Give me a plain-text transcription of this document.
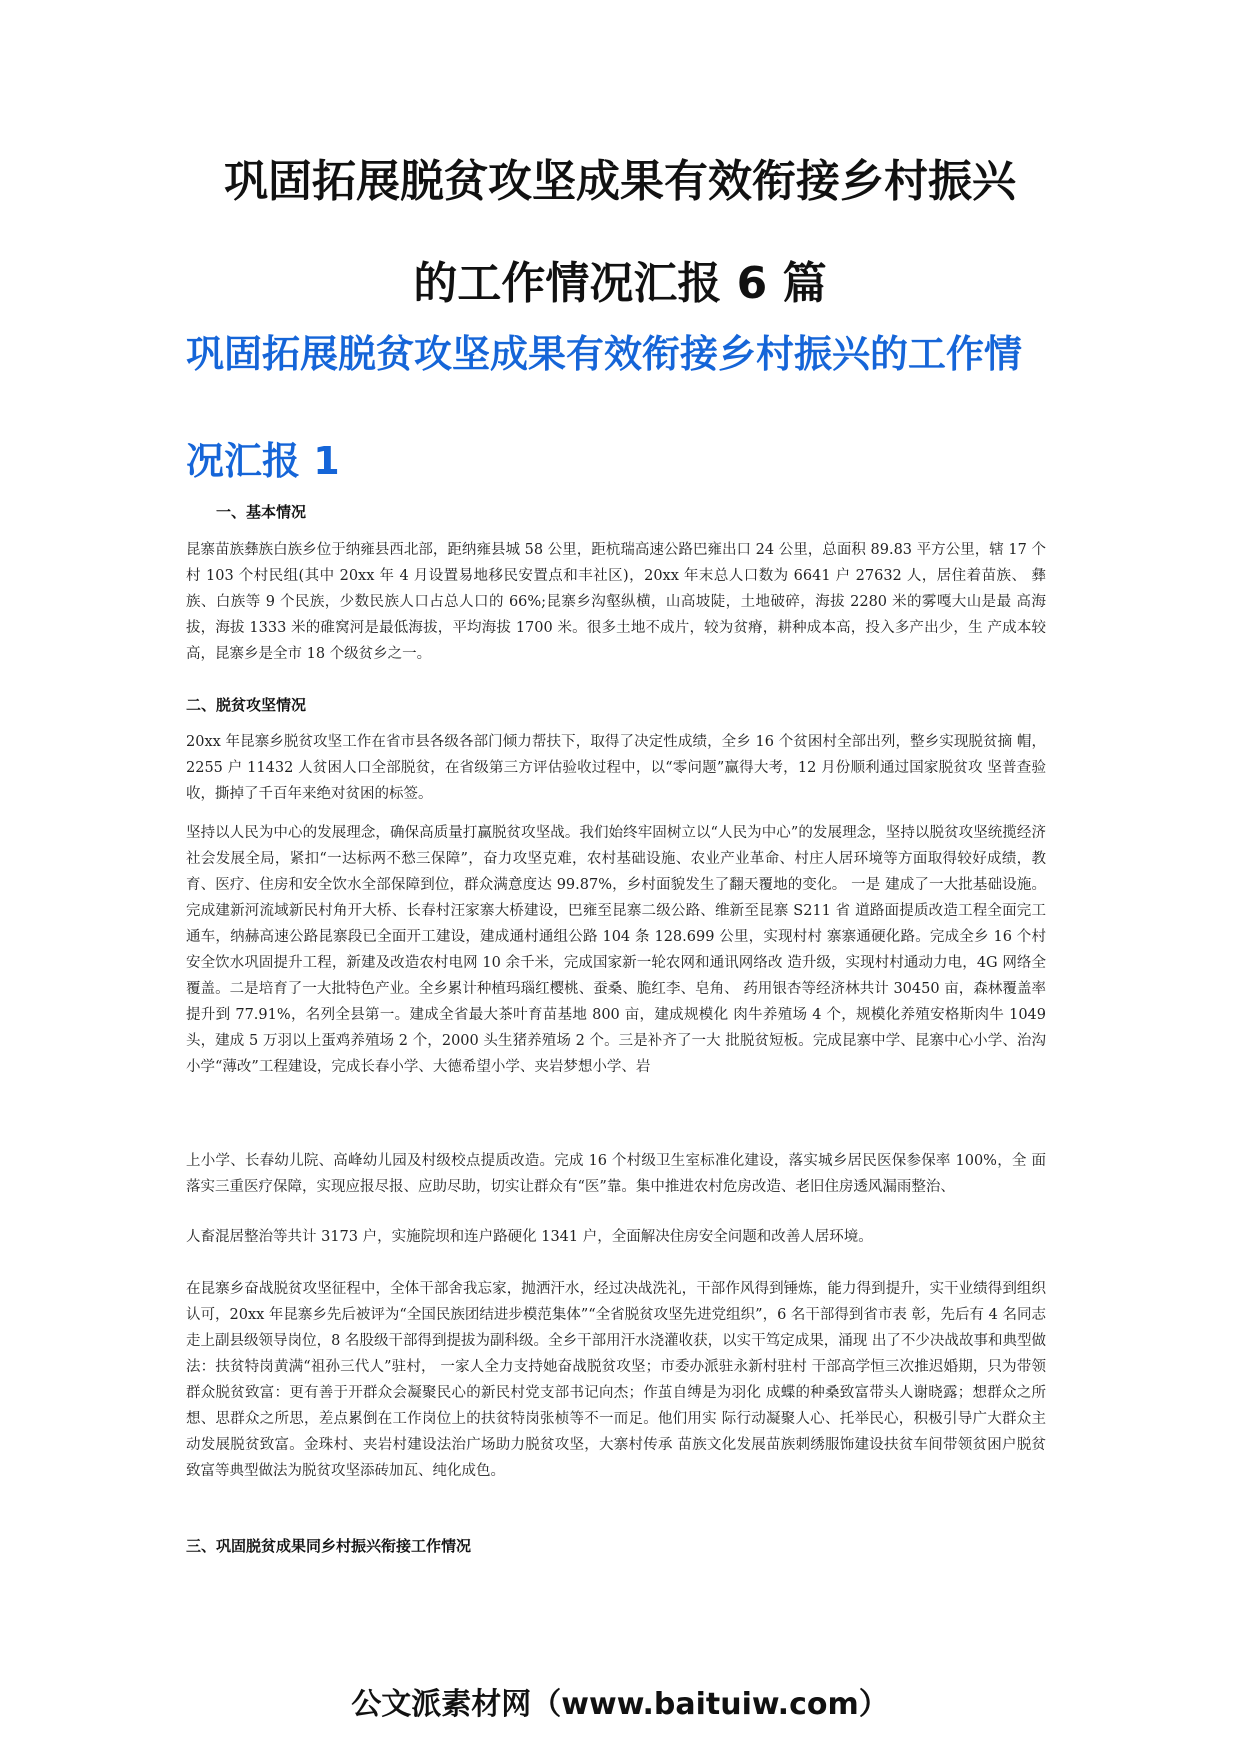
巩固拓展脱贫攻坚成果有效衔接乡村振兴
的工作情况汇报 6 篇
巩固拓展脱贫攻坚成果有效衔接乡村振兴的工作情
况汇报 1
一、基本情况

昆寨苗族彝族白族乡位于纳雍县西北部，距纳雍县城 58 公里，距杭瑞高速公路巴雍出口 24 公里，总面积 89.83 平方公里，辖 17 个村 103 个村民组(其中 20xx 年 4 月设置易地移民安置点和丰社区)，20xx 年末总人口数为 6641 户 27632 人，居住着苗族、 彝族、白族等 9 个民族，少数民族人口占总人口的 66%;昆寨乡沟壑纵横，山高坡陡，土地破碎，海拔 2280 米的雾嘎大山是最 高海拔，海拔 1333 米的碓窝河是最低海拔，平均海拔 1700 米。很多土地不成片，较为贫瘠，耕种成本高，投入多产出少，生 产成本较高，昆寨乡是全市 18 个级贫乡之一。

二、脱贫攻坚情况

20xx 年昆寨乡脱贫攻坚工作在省市县各级各部门倾力帮扶下，取得了决定性成绩，全乡 16 个贫困村全部出列，整乡实现脱贫摘 帽，2255 户 11432 人贫困人口全部脱贫，在省级第三方评估验收过程中，以“零问题”赢得大考，12 月份顺利通过国家脱贫攻 坚普查验收，撕掉了千百年来绝对贫困的标签。

坚持以人民为中心的发展理念，确保高质量打赢脱贫攻坚战。我们始终牢固树立以“人民为中心”的发展理念，坚持以脱贫攻坚统揽经济社会发展全局，紧扣“一达标两不愁三保障”，奋力攻坚克难，农村基础设施、农业产业革命、村庄人居环境等方面取得较好成绩，教育、医疗、住房和安全饮水全部保障到位，群众满意度达 99.87%，乡村面貌发生了翻天覆地的变化。 一是 建成了一大批基础设施。完成建新河流域新民村角开大桥、长春村汪家寨大桥建设，巴雍至昆寨二级公路、维新至昆寨 S211 省 道路面提质改造工程全面完工通车，纳赫高速公路昆寨段已全面开工建设，建成通村通组公路 104 条 128.699 公里，实现村村 寨寨通硬化路。完成全乡 16 个村安全饮水巩固提升工程，新建及改造农村电网 10 余千米，完成国家新一轮农网和通讯网络改 造升级，实现村村通动力电，4G 网络全覆盖。二是培育了一大批特色产业。全乡累计种植玛瑙红樱桃、蚕桑、脆红李、皂角、 药用银杏等经济林共计 30450 亩，森林覆盖率提升到 77.91%，名列全县第一。建成全省最大茶叶育苗基地 800 亩，建成规模化 肉牛养殖场 4 个，规模化养殖安格斯肉牛 1049 头，建成 5 万羽以上蛋鸡养殖场 2 个，2000 头生猪养殖场 2 个。三是补齐了一大 批脱贫短板。完成昆寨中学、昆寨中心小学、治沟小学“薄改”工程建设，完成长春小学、大德希望小学、夹岩梦想小学、岩

上小学、长春幼儿院、高峰幼儿园及村级校点提质改造。完成 16 个村级卫生室标准化建设，落实城乡居民医保参保率 100%，全 面落实三重医疗保障，实现应报尽报、应助尽助，切实让群众有“医”靠。集中推进农村危房改造、老旧住房透风漏雨整治、

人畜混居整治等共计 3173 户，实施院坝和连户路硬化 1341 户，全面解决住房安全问题和改善人居环境。

在昆寨乡奋战脱贫攻坚征程中，全体干部舍我忘家，抛洒汗水，经过决战洗礼，干部作风得到锤炼，能力得到提升，实干业绩得到组织认可，20xx 年昆寨乡先后被评为“全国民族团结进步模范集体”“全省脱贫攻坚先进党组织”，6 名干部得到省市表 彰，先后有 4 名同志走上副县级领导岗位，8 名股级干部得到提拔为副科级。全乡干部用汗水浇灌收获，以实干笃定成果，涌现 出了不少决战故事和典型做法：扶贫特岗黄满“祖孙三代人”驻村， 一家人全力支持她奋战脱贫攻坚；市委办派驻永新村驻村 干部高学恒三次推迟婚期，只为带领群众脱贫致富：更有善于开群众会凝聚民心的新民村党支部书记向杰；作茧自缚是为羽化 成蝶的种桑致富带头人谢晓露；想群众之所想、思群众之所思，差点累倒在工作岗位上的扶贫特岗张桢等不一而足。他们用实 际行动凝聚人心、托举民心，积极引导广大群众主动发展脱贫致富。金珠村、夹岩村建设法治广场助力脱贫攻坚，大寨村传承 苗族文化发展苗族刺绣服饰建设扶贫车间带领贫困户脱贫致富等典型做法为脱贫攻坚添砖加瓦、纯化成色。

三、巩固脱贫成果同乡村振兴衔接工作情况
公文派素材网（www.baituiw.com）
